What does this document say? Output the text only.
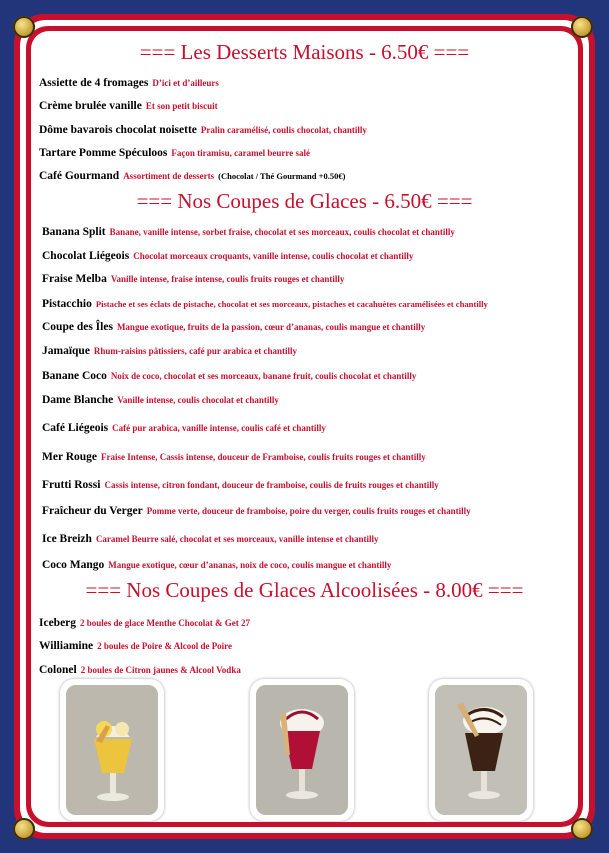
=== Les Desserts Maisons - 6.50€ ===
Assiette de 4 fromages D’ici et d’ailleurs
Crème brulée vanille Et son petit biscuit
Dôme bavarois chocolat noisette Pralin caramélisé, coulis chocolat, chantilly
Tartare Pomme Spéculoos Façon tiramisu, caramel beurre salé
Café Gourmand Assortiment de desserts (Chocolat / Thé Gourmand +0.50€)
=== Nos Coupes de Glaces - 6.50€ ===
Banana Split Banane, vanille intense, sorbet fraise, chocolat et ses morceaux, coulis chocolat et chantilly
Chocolat Liégeois Chocolat morceaux croquants, vanille intense, coulis chocolat et chantilly
Fraise Melba Vanille intense, fraise intense, coulis fruits rouges et chantilly
Pistacchio Pistache et ses éclats de pistache, chocolat et ses morceaux, pistaches et cacahuètes caramélisées et chantilly
Coupe des Îles Mangue exotique, fruits de la passion, cœur d’ananas, coulis mangue et chantilly
Jamaïque Rhum-raisins pâtissiers, café pur arabica et chantilly
Banane Coco Noix de coco, chocolat et ses morceaux, banane fruit, coulis chocolat et chantilly
Dame Blanche Vanille intense, coulis chocolat et chantilly
Café Liégeois Café pur arabica, vanille intense, coulis café et chantilly
Mer Rouge Fraise Intense, Cassis intense, douceur de Framboise, coulis fruits rouges et chantilly
Frutti Rossi Cassis intense, citron fondant, douceur de framboise, coulis de fruits rouges et chantilly
Fraîcheur du Verger Pomme verte, douceur de framboise, poire du verger, coulis fruits rouges et chantilly
Ice Breizh Caramel Beurre salé, chocolat et ses morceaux, vanille intense et chantilly
Coco Mango Mangue exotique, cœur d’ananas, noix de coco, coulis mangue et chantilly
=== Nos Coupes de Glaces Alcoolisées - 8.00€ ===
Iceberg 2 boules de glace Menthe Chocolat & Get 27
Williamine 2 boules de Poire & Alcool de Poire
Colonel 2 boules de Citron jaunes & Alcool Vodka
